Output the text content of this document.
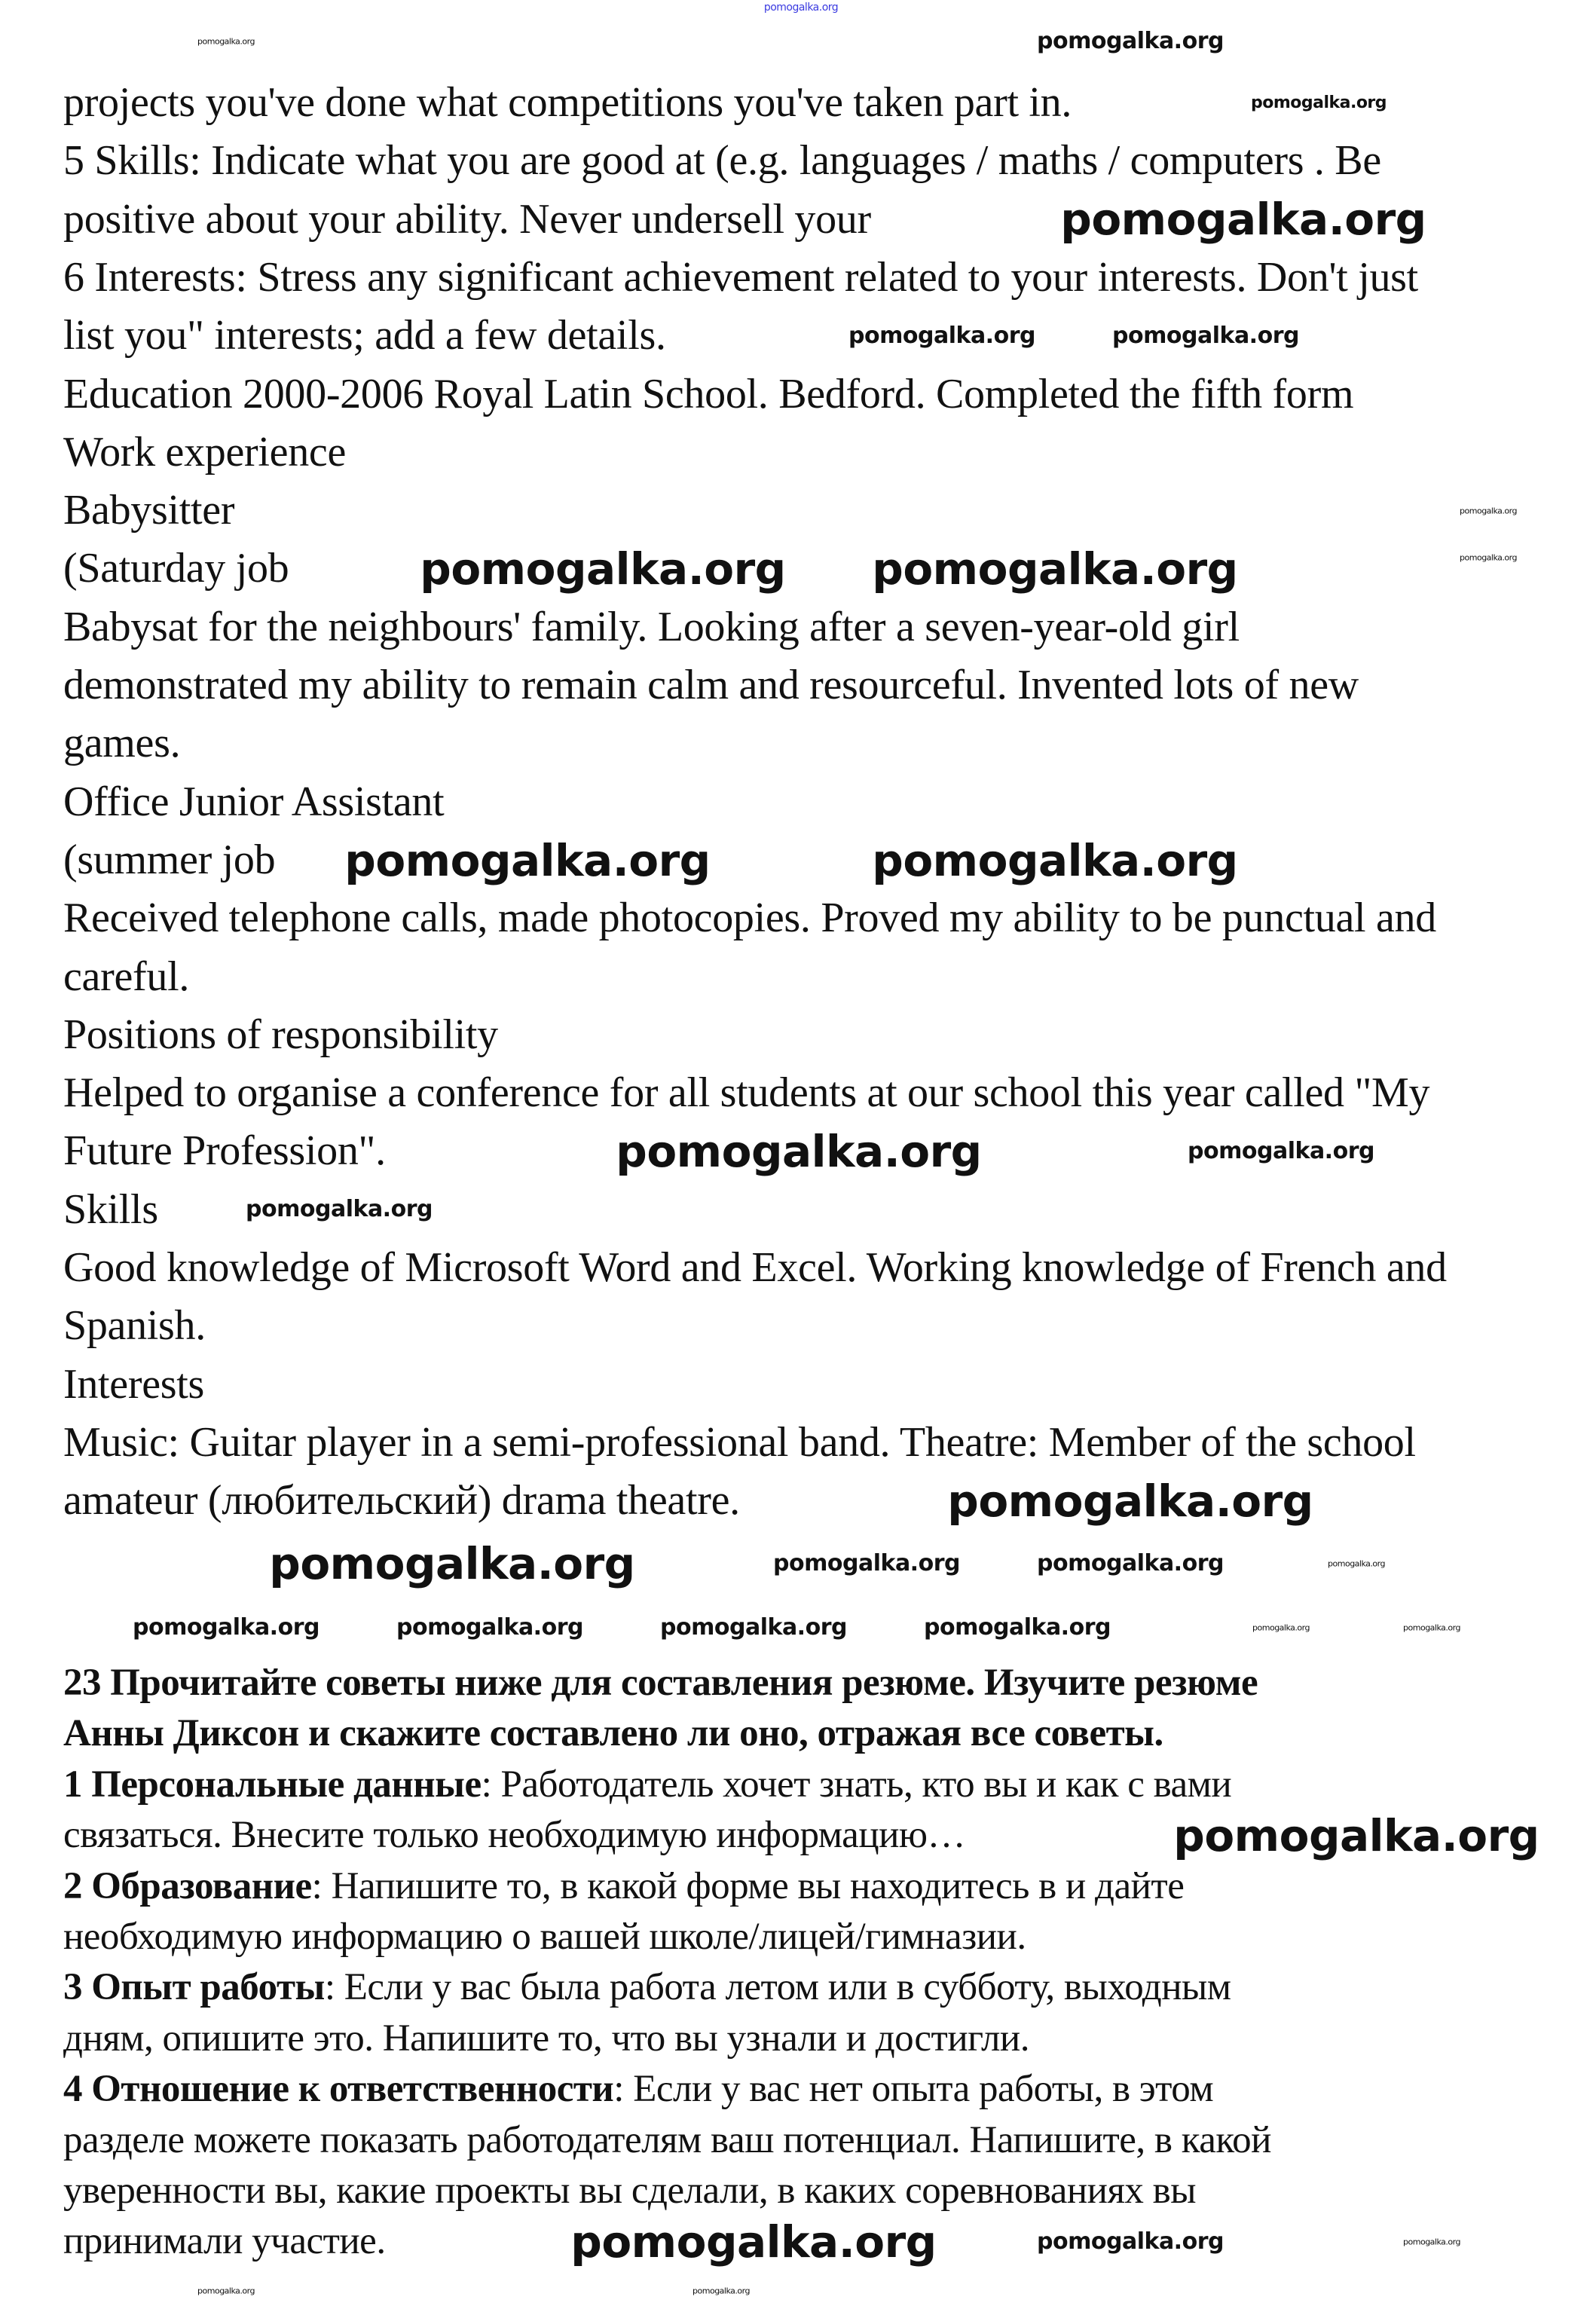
projects you've done what competitions you've taken part in.
5 Skills: Indicate what you are good at (e.g. languages / maths / computers . Be
positive about your ability. Never undersell your
6 Interests: Stress any significant achievement related to your interests. Don't just
list you" interests; add a few details.
Education 2000-2006 Royal Latin School. Bedford. Completed the fifth form
Work experience
Babysitter
(Saturday job
Babysat for the neighbours' family. Looking after a seven-year-old girl
demonstrated my ability to remain calm and resourceful. Invented lots of new
games.
Office Junior Assistant
(summer job
Received telephone calls, made photocopies. Proved my ability to be punctual and
careful.
Positions of responsibility
Helped to organise a conference for all students at our school this year called "My
Future Profession".
Skills
Good knowledge of Microsoft Word and Excel. Working knowledge of French and
Spanish.
Interests
Music: Guitar player in a semi-professional band. Theatre: Member of the school
amateur (любительский) drama theatre.
23 Прочитайте советы ниже для составления резюме. Изучите резюме
Анны Диксон и скажите составлено ли оно, отражая все советы.
1 Персональные данные: Работодатель хочет знать, кто вы и как с вами
связаться. Внесите только необходимую информацию…
2 Образование: Напишите то, в какой форме вы находитесь в и дайте
необходимую информацию о вашей школе/лицей/гимназии.
3 Опыт работы: Если у вас была работа летом или в субботу, выходным
дням, опишите это. Напишите то, что вы узнали и достигли.
4 Отношение к ответственности: Если у вас нет опыта работы, в этом
разделе можете показать работодателям ваш потенциал. Напишите, в какой
уверенности вы, какие проекты вы сделали, в каких соревнованиях вы
принимали участие.
pomogalka.org
pomogalka.org
pomogalka.org	pomogalka.org
pomogalka.org
pomogalka.org	pomogalka.org
pomogalka.org
pomogalka.org
pomogalka.org pomogalka.org
pomogalka.org	pomogalka.org
pomogalka.org	pomogalka.org
pomogalka.org
pomogalka.org
pomogalka.org	pomogalka.org	pomogalka.org	pomogalka.org
pomogalka.org	pomogalka.org	pomogalka.org	pomogalka.org	pomogalka.org	pomogalka.org
pomogalka.org
pomogalka.org	pomogalka.org	pomogalka.org
pomogalka.org
pomogalka.org
